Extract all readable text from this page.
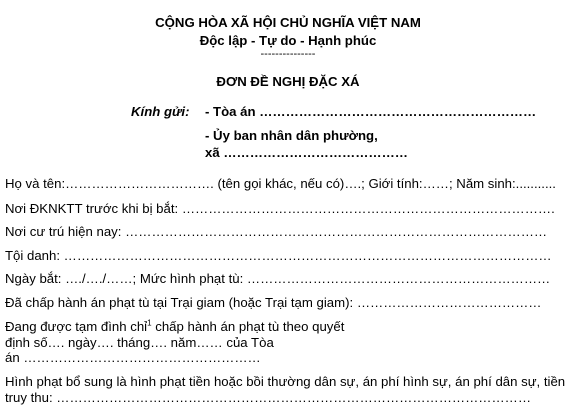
CỘNG HÒA XÃ HỘI CHỦ NGHĨA VIỆT NAM
Độc lập - Tự do - Hạnh phúc
---------------
ĐƠN ĐỀ NGHỊ ĐẶC XÁ
Kính gửi: - Tòa án ………………………………………………………
- Ủy ban nhân dân phường,
xã ……………………………………
Họ và tên:……………………………. (tên gọi khác, nếu có)….; Giới tính:……; Năm sinh:...........
Nơi ĐKNKTT trước khi bị bắt: ………………………………………………………………………….
Nơi cư trú hiện nay: ……………………………………………………………………………………
Tội danh: …………………………………………………………………………………………………
Ngày bắt: …./…./……; Mức hình phạt tù: ……………………………………………………………
Đã chấp hành án phạt tù tại Trại giam (hoặc Trại tạm giam): ……………………………………
Đang được tạm đình chỉ$^1$ chấp hành án phạt tù theo quyết
định số…. ngày…. tháng…. năm…… của Tòa
án ………………………………………………
Hình phạt bổ sung là hình phạt tiền hoặc bồi thường dân sự, án phí hình sự, án phí dân sự, tiền
truy thu: ………………………………………………………………………………………………
